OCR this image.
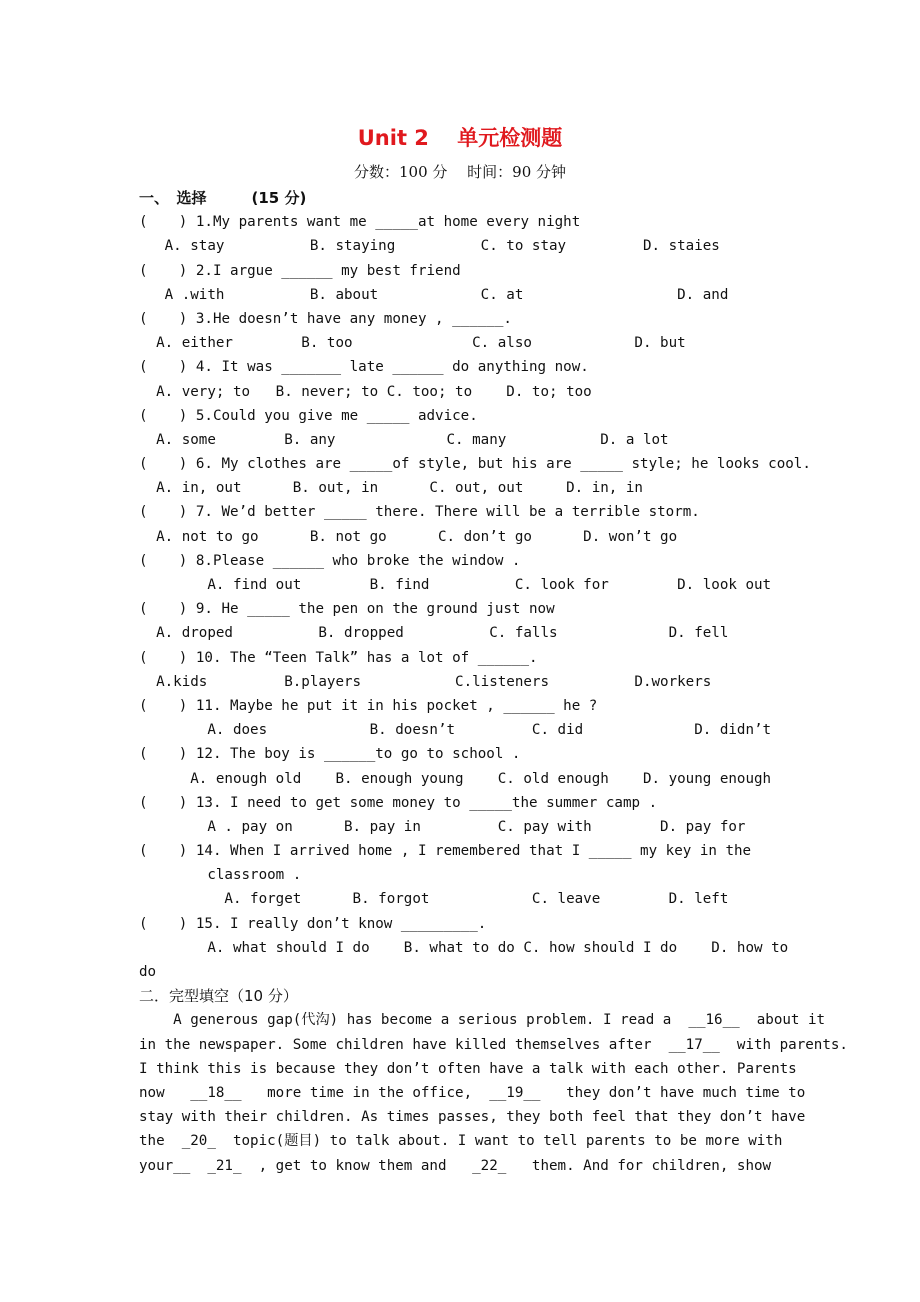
Unit 2　 单元检测题
分数：100 分 　时间：90 分钟
一、　选择　　　(15 分)
(　  ) 1.My parents want me _____at home every night
A. stay          B. staying          C. to stay         D. staies
(　  ) 2.I argue ______ my best friend
A .with          B. about            C. at                  D. and
(　  ) 3.He doesn’t have any money , ______.
A. either        B. too              C. also            D. but
(　  ) 4. It was _______ late ______ do anything now.
A. very; to   B. never; to C. too; to    D. to; too
(　  ) 5.Could you give me _____ advice.
A. some        B. any             C. many           D. a lot
(　  ) 6. My clothes are _____of style, but his are _____ style; he looks cool.
A. in, out      B. out, in      C. out, out     D. in, in
(　  ) 7. We’d better _____ there. There will be a terrible storm.
A. not to go      B. not go      C. don’t go      D. won’t go
(　  ) 8.Please ______ who broke the window .
A. find out        B. find          C. look for        D. look out
(　  ) 9. He _____ the pen on the ground just now
A. droped          B. dropped          C. falls             D. fell
(　  ) 10. The “Teen Talk” has a lot of ______.
A.kids         B.players           C.listeners          D.workers
(　  ) 11. Maybe he put it in his pocket , ______ he ?
A. does            B. doesn’t         C. did             D. didn’t
(　  ) 12. The boy is ______to go to school .
A. enough old    B. enough young    C. old enough    D. young enough
(　  ) 13. I need to get some money to _____the summer camp .
A . pay on      B. pay in         C. pay with        D. pay for
(　  ) 14. When I arrived home , I remembered that I _____ my key in the
classroom .
A. forget      B. forgot            C. leave        D. left
(　  ) 15. I really don’t know _________.
A. what should I do    B. what to do C. how should I do    D. how to
do
二．完型填空（10 分）
A generous gap(代沟) has become a serious problem. I read a  __16__  about it
in the newspaper. Some children have killed themselves after  __17__  with parents.
I think this is because they don’t often have a talk with each other. Parents
now   __18__   more time in the office,  __19__   they don’t have much time to
stay with their children. As times passes, they both feel that they don’t have
the  _20_  topic(题目) to talk about. I want to tell parents to be more with
your__  _21_  , get to know them and   _22_   them. And for children, show
